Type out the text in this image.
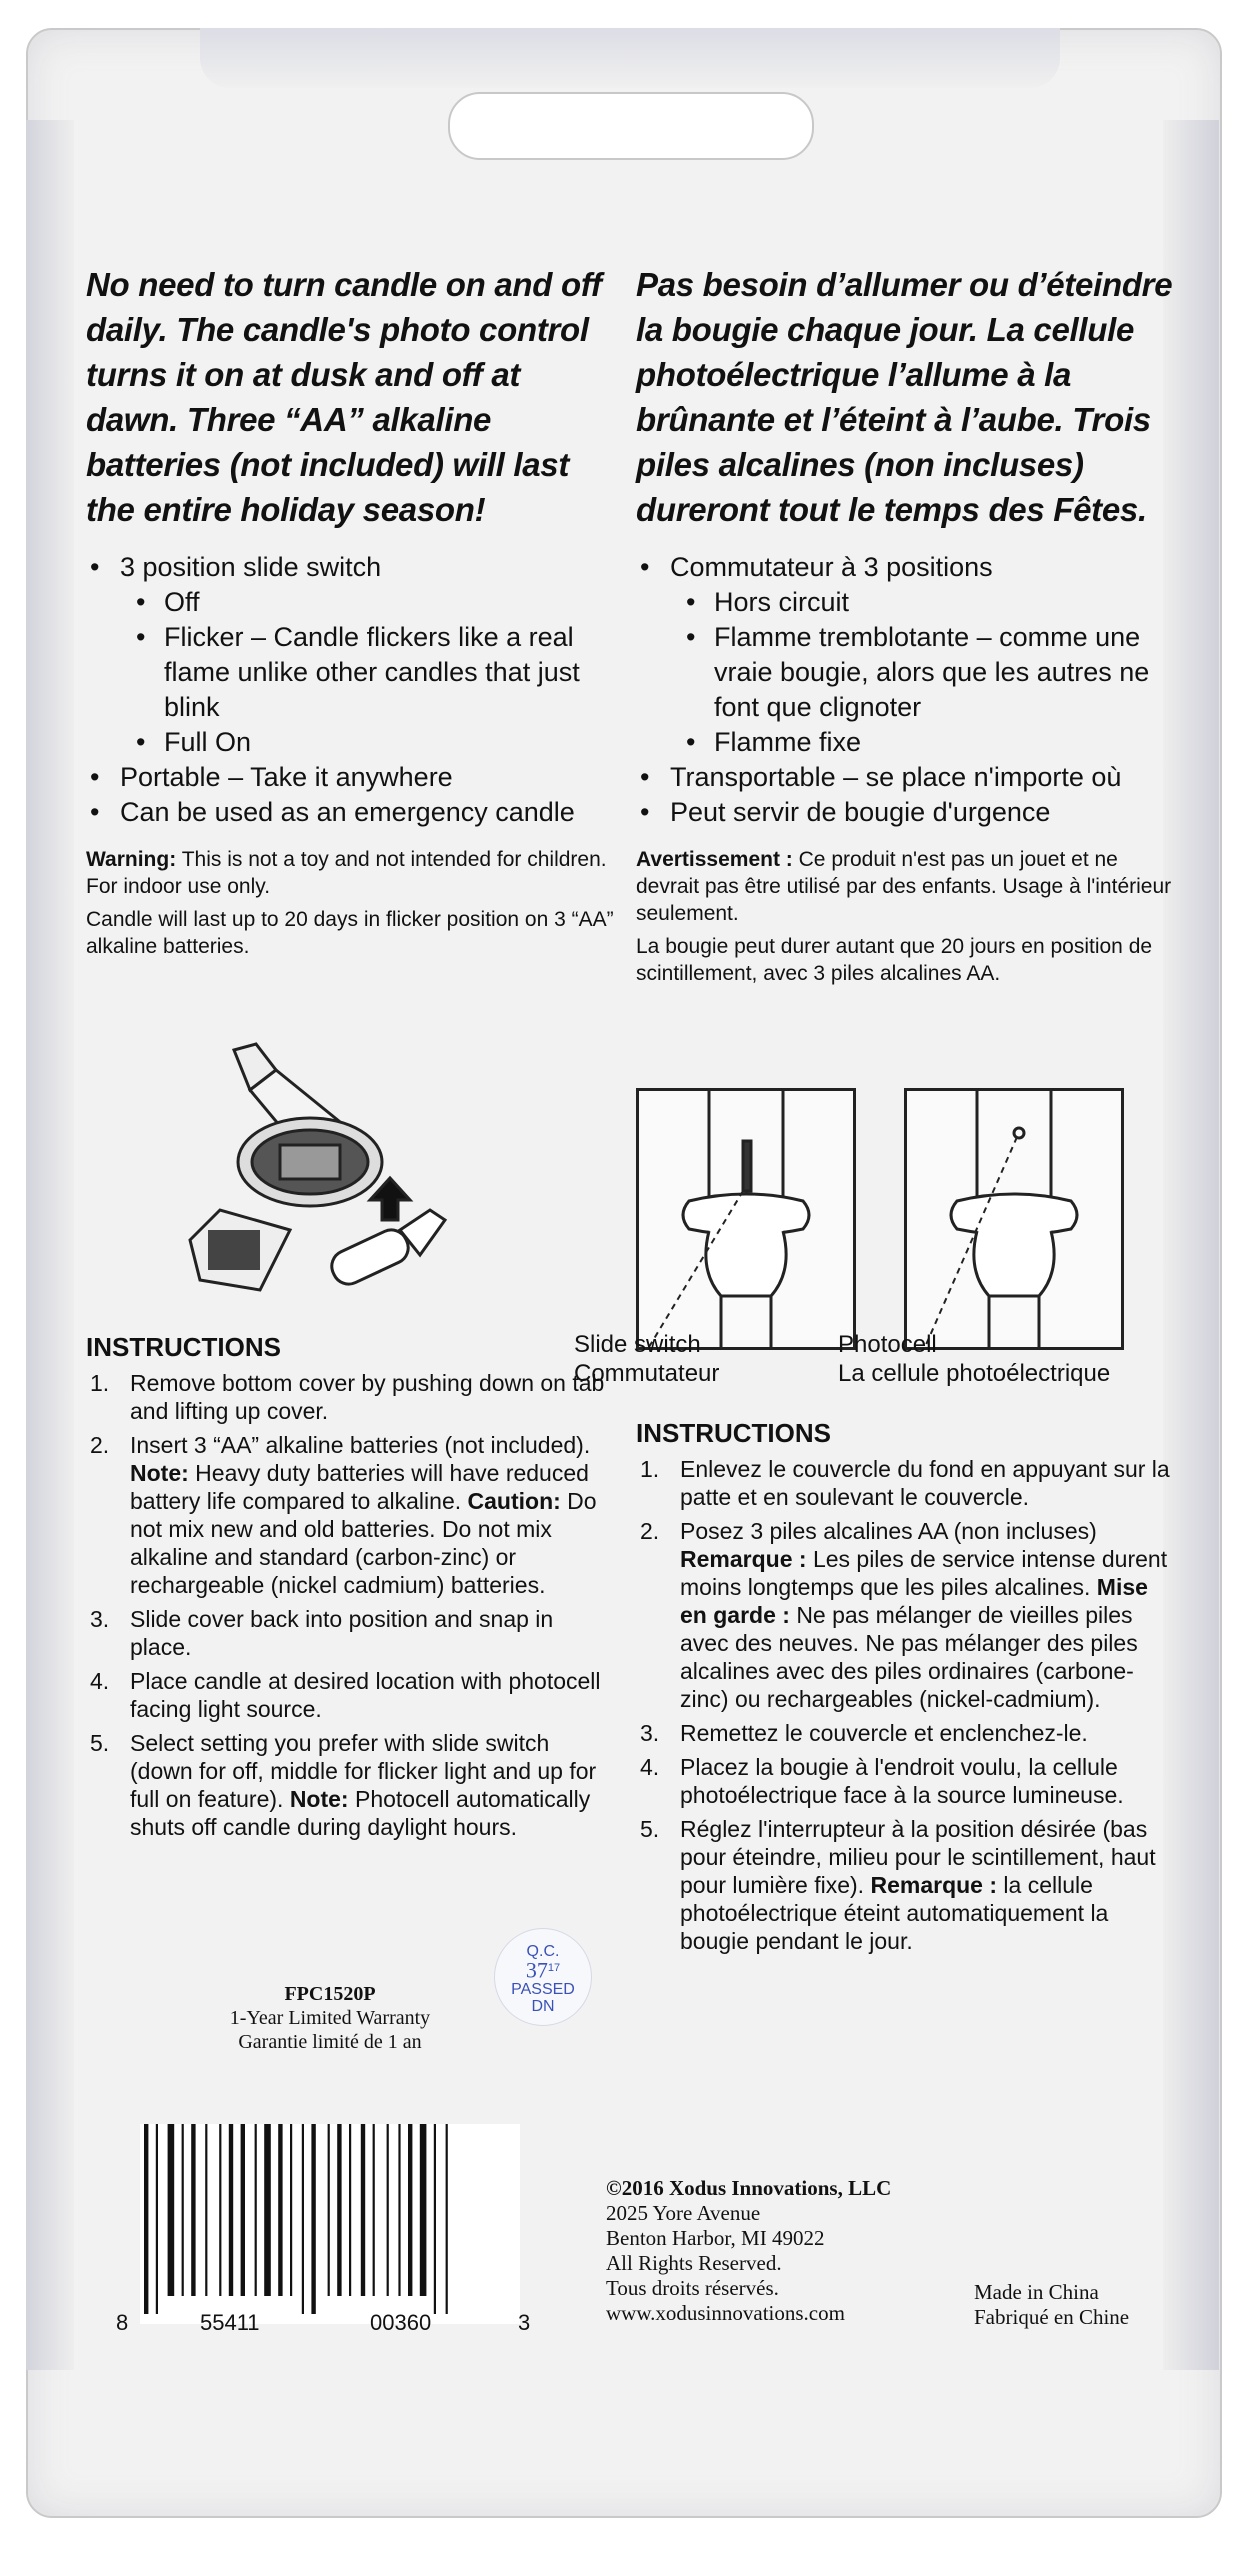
No need to turn candle on and off daily. The candle's photo control turns it on at dusk and off at dawn. Three “AA” alkaline batteries (not included) will last the entire holiday season!

• 3 position slide switch
• Off
• Flicker – Candle flickers like a real flame unlike other candles that just blink
• Full On
• Portable – Take it anywhere
• Can be used as an emergency candle

Warning: This is not a toy and not intended for children. For indoor use only.

Candle will last up to 20 days in flicker position on 3 “AA” alkaline batteries.

INSTRUCTIONS
1. Remove bottom cover by pushing down on tab and lifting up cover.
2. Insert 3 “AA” alkaline batteries (not included). Note: Heavy duty batteries will have reduced battery life compared to alkaline. Caution: Do not mix new and old batteries. Do not mix alkaline and standard (carbon-zinc) or rechargeable (nickel cadmium) batteries.
3. Slide cover back into position and snap in place.
4. Place candle at desired location with photocell facing light source.
5. Select setting you prefer with slide switch (down for off, middle for flicker light and up for full on feature). Note: Photocell automatically shuts off candle during daylight hours.
FPC1520P
1-Year Limited Warranty
Garantie limité de 1 an
Q.C.
$37^{17}$
PASSED
DN

Pas besoin d’allumer ou d’éteindre la bougie chaque jour. La cellule photoélectrique l’allume à la brûnante et l’éteint à l’aube. Trois piles alcalines (non incluses) dureront tout le temps des Fêtes.

• Commutateur à 3 positions
• Hors circuit
• Flamme tremblotante – comme une vraie bougie, alors que les autres ne font que clignoter
• Flamme fixe
• Transportable – se place n'importe où
• Peut servir de bougie d'urgence

Avertissement : Ce produit n'est pas un jouet et ne devrait pas être utilisé par des enfants. Usage à l'intérieur seulement.

La bougie peut durer autant que 20 jours en position de scintillement, avec 3 piles alcalines AA.

Slide switch
Commutateur
Photocell
La cellule photoélectrique
INSTRUCTIONS
1. Enlevez le couvercle du fond en appuyant sur la patte et en soulevant le couvercle.
2. Posez 3 piles alcalines AA (non incluses) Remarque : Les piles de service intense durent moins longtemps que les piles alcalines. Mise en garde : Ne pas mélanger de vieilles piles avec des neuves. Ne pas mélanger des piles alcalines avec des piles ordinaires (carbone-zinc) ou rechargeables (nickel-cadmium).
3. Remettez le couvercle et enclenchez-le.
4. Placez la bougie à l'endroit voulu, la cellule photoélectrique face à la source lumineuse.
5. Réglez l'interrupteur à la position désirée (bas pour éteindre, milieu pour le scintillement, haut pour lumière fixe). Remarque : la cellule photoélectrique éteint automatiquement la bougie pendant le jour.
8	55411	00360	3
©2016 Xodus Innovations, LLC
2025 Yore Avenue
Benton Harbor, MI 49022
All Rights Reserved.
Tous droits réservés.
www.xodusinnovations.com
Made in China
Fabriqué en Chine
